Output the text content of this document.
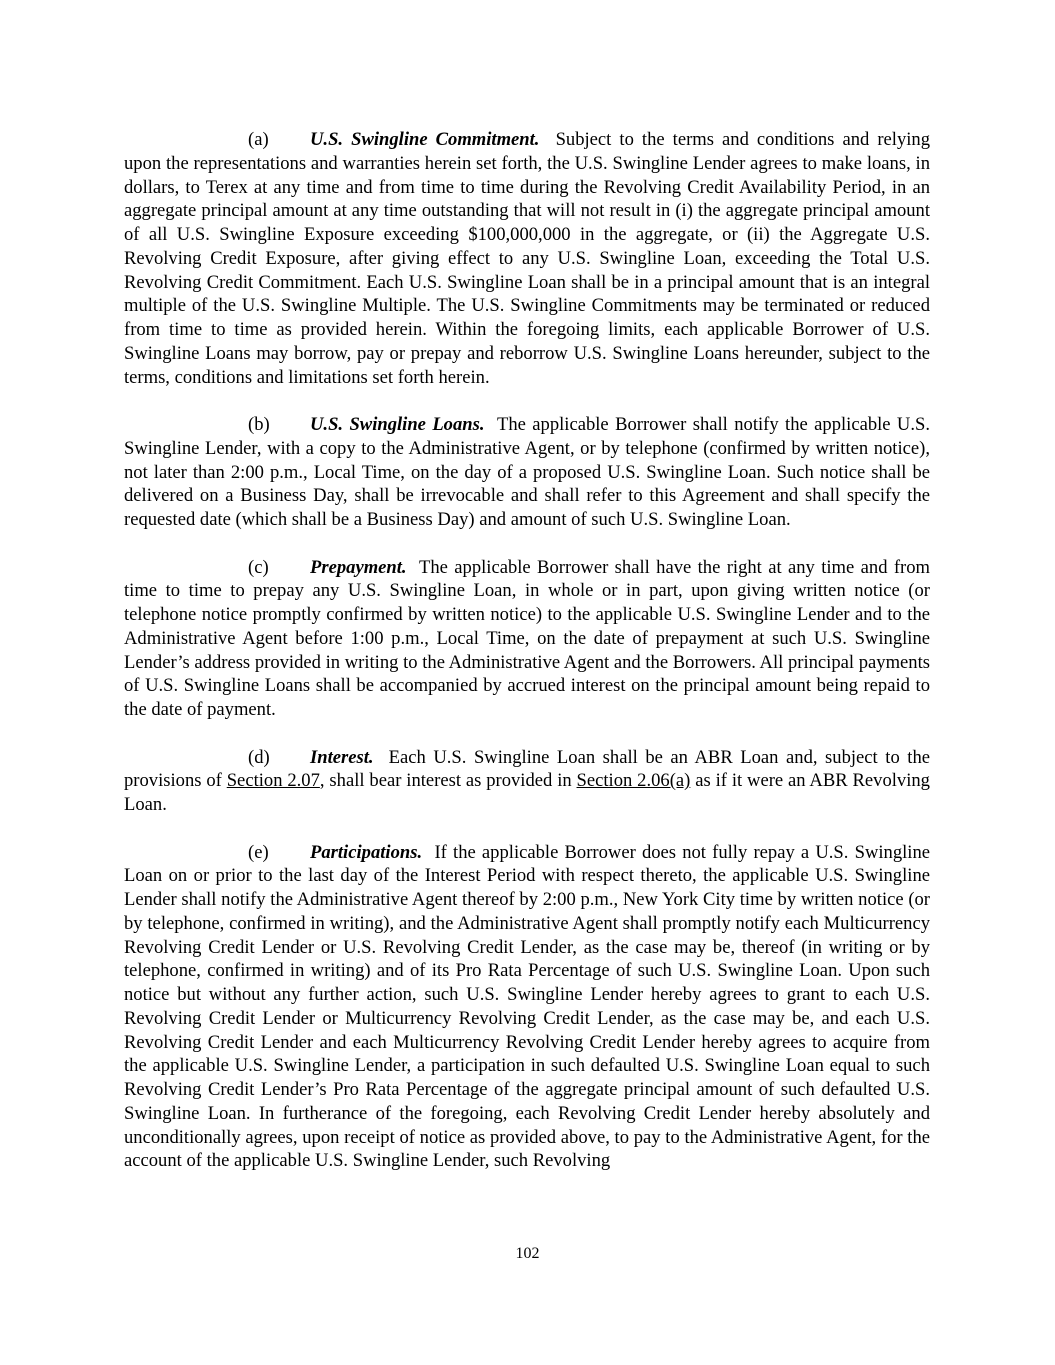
(a) U.S. Swingline Commitment. Subject to the terms and conditions and relying upon the representations and warranties herein set forth, the U.S. Swingline Lender agrees to make loans, in dollars, to Terex at any time and from time to time during the Revolving Credit Availability Period, in an aggregate principal amount at any time outstanding that will not result in (i) the aggregate principal amount of all U.S. Swingline Exposure exceeding $100,000,000 in the aggregate, or (ii) the Aggregate U.S. Revolving Credit Exposure, after giving effect to any U.S. Swingline Loan, exceeding the Total U.S. Revolving Credit Commitment. Each U.S. Swingline Loan shall be in a principal amount that is an integral multiple of the U.S. Swingline Multiple. The U.S. Swingline Commitments may be terminated or reduced from time to time as provided herein. Within the foregoing limits, each applicable Borrower of U.S. Swingline Loans may borrow, pay or prepay and reborrow U.S. Swingline Loans hereunder, subject to the terms, conditions and limitations set forth herein.

(b) U.S. Swingline Loans. The applicable Borrower shall notify the applicable U.S. Swingline Lender, with a copy to the Administrative Agent, or by telephone (confirmed by written notice), not later than 2:00 p.m., Local Time, on the day of a proposed U.S. Swingline Loan. Such notice shall be delivered on a Business Day, shall be irrevocable and shall refer to this Agreement and shall specify the requested date (which shall be a Business Day) and amount of such U.S. Swingline Loan.

(c) Prepayment. The applicable Borrower shall have the right at any time and from time to time to prepay any U.S. Swingline Loan, in whole or in part, upon giving written notice (or telephone notice promptly confirmed by written notice) to the applicable U.S. Swingline Lender and to the Administrative Agent before 1:00 p.m., Local Time, on the date of prepayment at such U.S. Swingline Lender’s address provided in writing to the Administrative Agent and the Borrowers. All principal payments of U.S. Swingline Loans shall be accompanied by accrued interest on the principal amount being repaid to the date of payment.

(d) Interest. Each U.S. Swingline Loan shall be an ABR Loan and, subject to the provisions of Section 2.07, shall bear interest as provided in Section 2.06(a) as if it were an ABR Revolving Loan.

(e) Participations. If the applicable Borrower does not fully repay a U.S. Swingline Loan on or prior to the last day of the Interest Period with respect thereto, the applicable U.S. Swingline Lender shall notify the Administrative Agent thereof by 2:00 p.m., New York City time by written notice (or by telephone, confirmed in writing), and the Administrative Agent shall promptly notify each Multicurrency Revolving Credit Lender or U.S. Revolving Credit Lender, as the case may be, thereof (in writing or by telephone, confirmed in writing) and of its Pro Rata Percentage of such U.S. Swingline Loan. Upon such notice but without any further action, such U.S. Swingline Lender hereby agrees to grant to each U.S. Revolving Credit Lender or Multicurrency Revolving Credit Lender, as the case may be, and each U.S. Revolving Credit Lender and each Multicurrency Revolving Credit Lender hereby agrees to acquire from the applicable U.S. Swingline Lender, a participation in such defaulted U.S. Swingline Loan equal to such Revolving Credit Lender’s Pro Rata Percentage of the aggregate principal amount of such defaulted U.S. Swingline Loan. In furtherance of the foregoing, each Revolving Credit Lender hereby absolutely and unconditionally agrees, upon receipt of notice as provided above, to pay to the Administrative Agent, for the account of the applicable U.S. Swingline Lender, such Revolving

102
